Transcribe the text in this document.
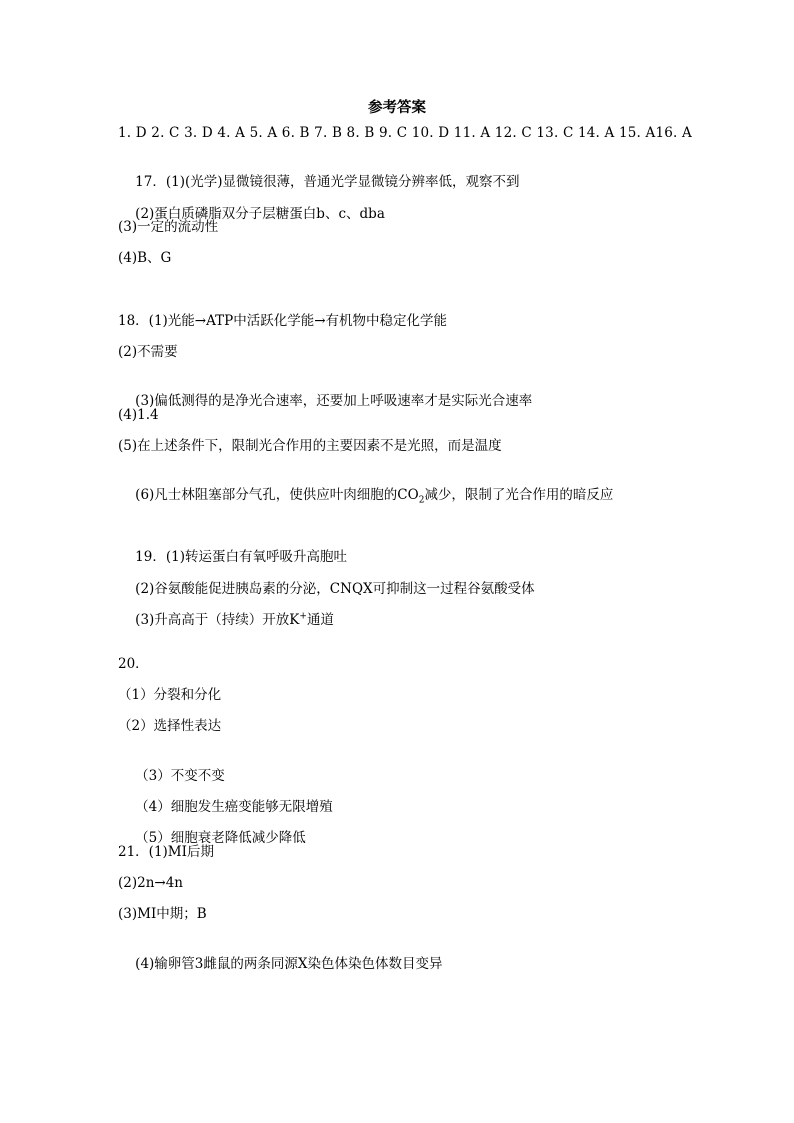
参考答案
1. D 2. C 3. D 4. A 5. A 6. B 7. B 8. B 9. C 10. D 11. A 12. C 13. C 14. A 15. A16. A

17．(1)(光学)显微镜很薄，普通光学显微镜分辨率低，观察不到

(2)蛋白质磷脂双分子层糖蛋白b、c、dba

(3)一定的流动性
(4)B、G
18．(1)光能→ATP中活跃化学能→有机物中稳定化学能
(2)不需要

(3)偏低测得的是净光合速率，还要加上呼吸速率才是实际光合速率

(4)1.4
(5)在上述条件下，限制光合作用的主要因素不是光照，而是温度

(6)凡士林阻塞部分气孔，使供应叶肉细胞的$CO_2$减少，限制了光合作用的暗反应

19．(1)转运蛋白有氧呼吸升高胞吐

(2)谷氨酸能促进胰岛素的分泌，CNQX可抑制这一过程谷氨酸受体

(3)升高高于（持续）开放K+通道

20．
（1）分裂和分化
（2）选择性表达

（3）不变不变

（4）细胞发生癌变能够无限增殖

（5）细胞衰老降低减少降低

21．(1)MI后期
(2)2n→4n
(3)MI中期；B

(4)输卵管3雌鼠的两条同源X染色体染色体数目变异
